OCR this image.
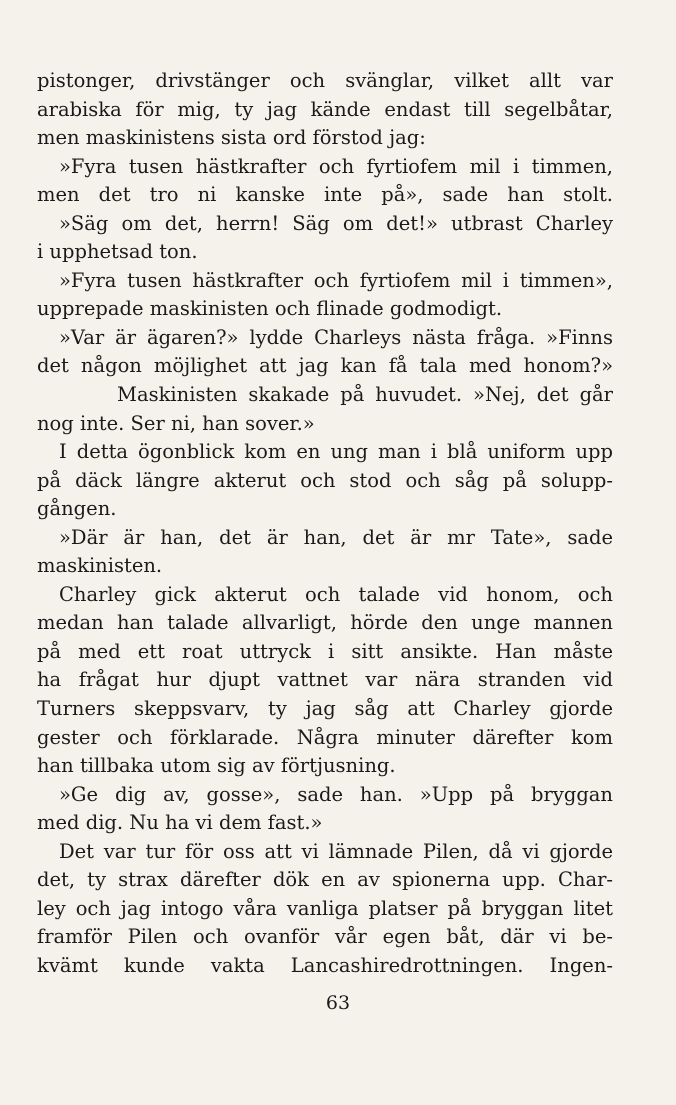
pistonger, drivstänger och svänglar, vilket allt var
arabiska för mig, ty jag kände endast till segelbåtar,
men maskinistens sista ord förstod jag:
»Fyra tusen hästkrafter och fyrtiofem mil i timmen,
men det tro ni kanske inte på», sade han stolt.
»Säg om det, herrn! Säg om det!» utbrast Charley
i upphetsad ton.
»Fyra tusen hästkrafter och fyrtiofem mil i timmen»,
upprepade maskinisten och flinade godmodigt.
»Var är ägaren?» lydde Charleys nästa fråga. »Finns
det någon möjlighet att jag kan få tala med honom?»
Maskinisten skakade på huvudet. »Nej, det går
nog inte. Ser ni, han sover.»
I detta ögonblick kom en ung man i blå uniform upp
på däck längre akterut och stod och såg på solupp-
gången.
»Där är han, det är han, det är mr Tate», sade
maskinisten.
Charley gick akterut och talade vid honom, och
medan han talade allvarligt, hörde den unge mannen
på med ett roat uttryck i sitt ansikte. Han måste
ha frågat hur djupt vattnet var nära stranden vid
Turners skeppsvarv, ty jag såg att Charley gjorde
gester och förklarade. Några minuter därefter kom
han tillbaka utom sig av förtjusning.
»Ge dig av, gosse», sade han. »Upp på bryggan
med dig. Nu ha vi dem fast.»
Det var tur för oss att vi lämnade Pilen, då vi gjorde
det, ty strax därefter dök en av spionerna upp. Char-
ley och jag intogo våra vanliga platser på bryggan litet
framför Pilen och ovanför vår egen båt, där vi be-
kvämt kunde vakta Lancashiredrottningen. Ingen-
63
